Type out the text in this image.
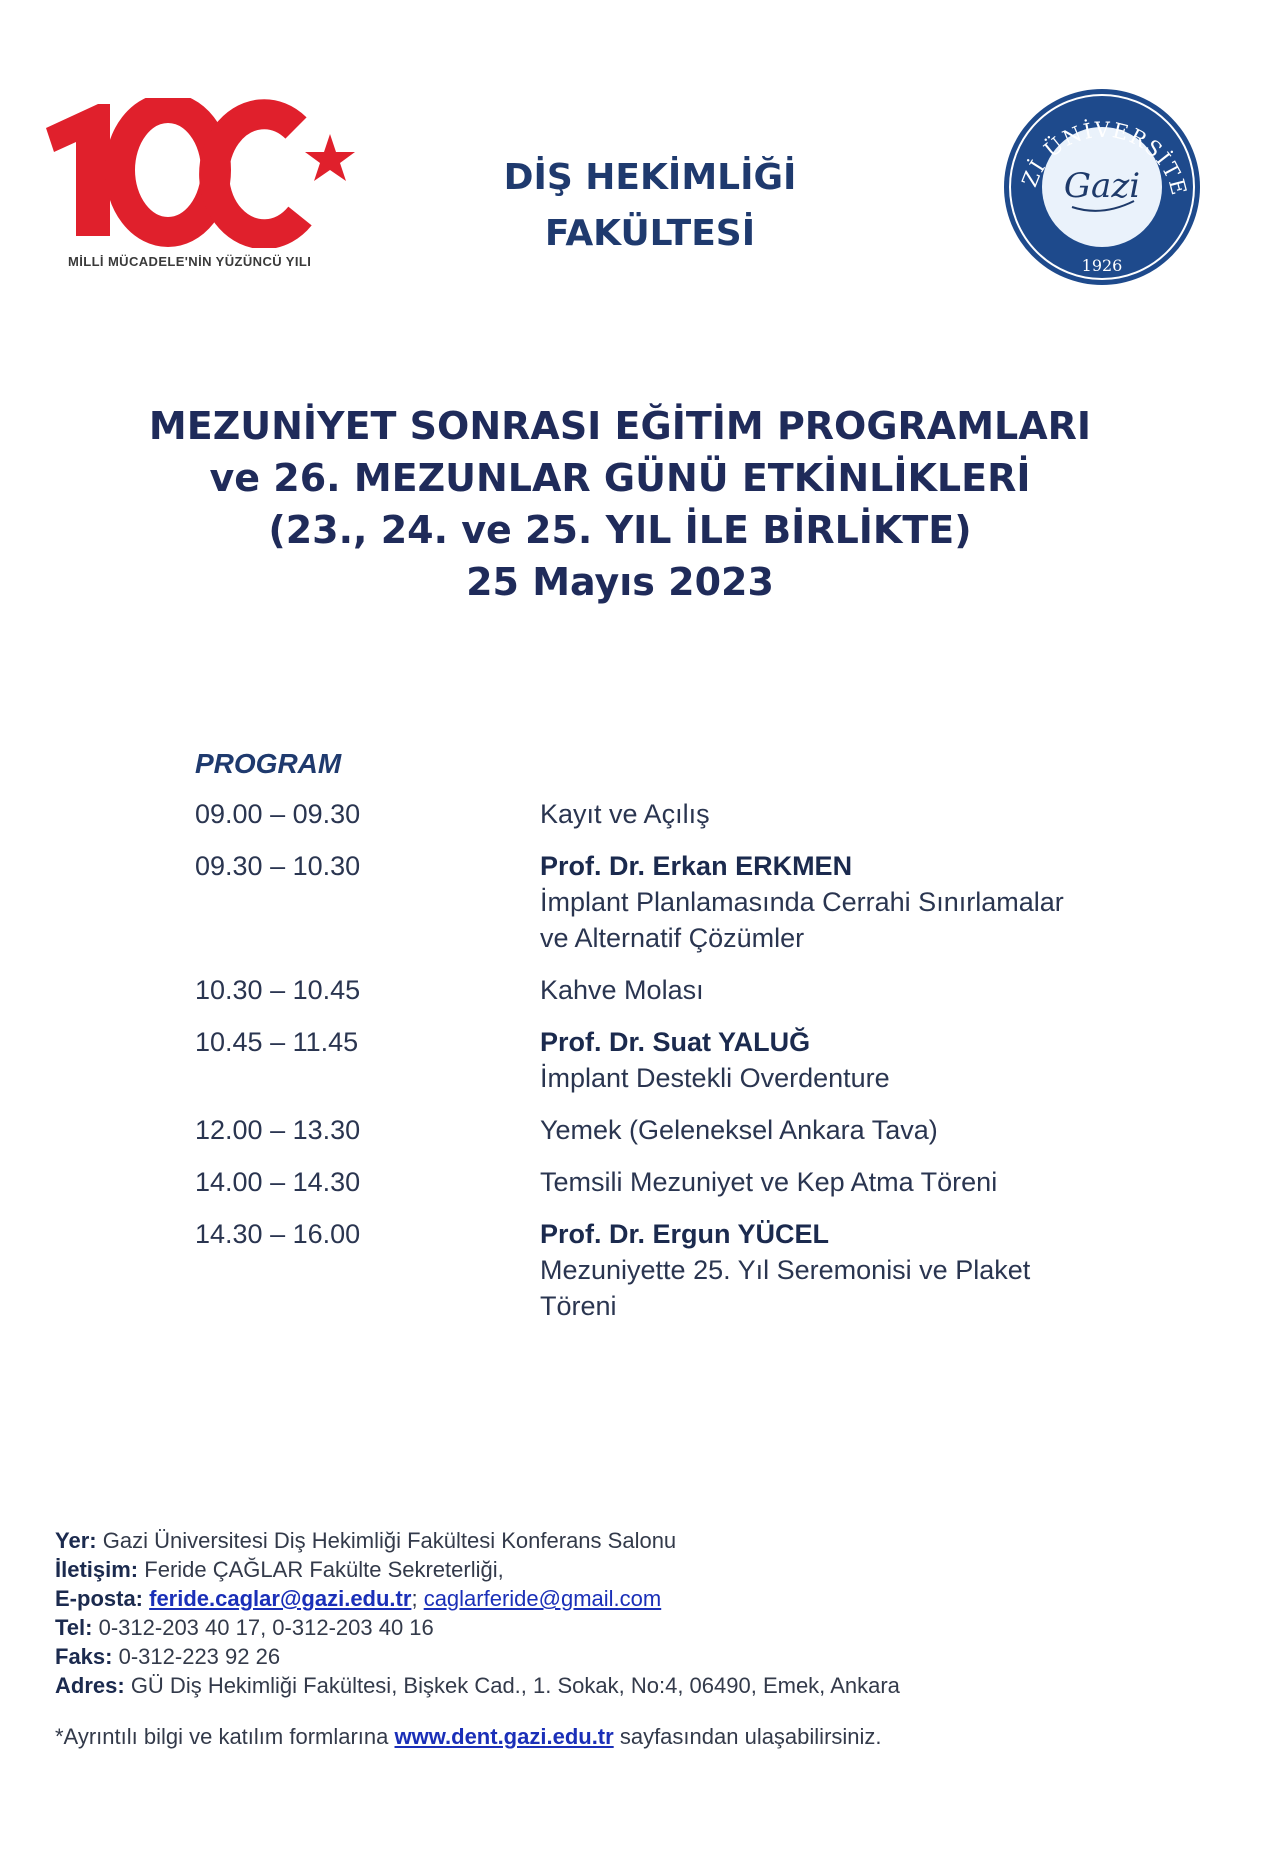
MİLLİ MÜCADELE'NİN YÜZÜNCÜ YILI
DİŞ HEKİMLİĞİ
FAKÜLTESİ
Zİ ÜNİVERSİTE
Gazi
1926
MEZUNİYET SONRASI EĞİTİM PROGRAMLARI
ve 26. MEZUNLAR GÜNÜ ETKİNLİKLERİ
(23., 24. ve 25. YIL İLE BİRLİKTE)
25 Mayıs 2023
PROGRAM
09.00 – 09.30	Kayıt ve Açılış
09.30 – 10.30	Prof. Dr. Erkan ERKMEN
İmplant Planlamasında Cerrahi Sınırlamalar
ve Alternatif Çözümler
10.30 – 10.45	Kahve Molası
10.45 – 11.45	Prof. Dr. Suat YALUĞ
İmplant Destekli Overdenture
12.00 – 13.30	Yemek (Geleneksel Ankara Tava)
14.00 – 14.30	Temsili Mezuniyet ve Kep Atma Töreni
14.30 – 16.00	Prof. Dr. Ergun YÜCEL
Mezuniyette 25. Yıl Seremonisi ve Plaket
Töreni
Yer: Gazi Üniversitesi Diş Hekimliği Fakültesi Konferans Salonu
İletişim: Feride ÇAĞLAR Fakülte Sekreterliği,
E-posta: feride.caglar@gazi.edu.tr; caglarferide@gmail.com
Tel: 0-312-203 40 17, 0-312-203 40 16
Faks: 0-312-223 92 26
Adres: GÜ Diş Hekimliği Fakültesi, Bişkek Cad., 1. Sokak, No:4, 06490, Emek, Ankara
*Ayrıntılı bilgi ve katılım formlarına www.dent.gazi.edu.tr sayfasından ulaşabilirsiniz.
